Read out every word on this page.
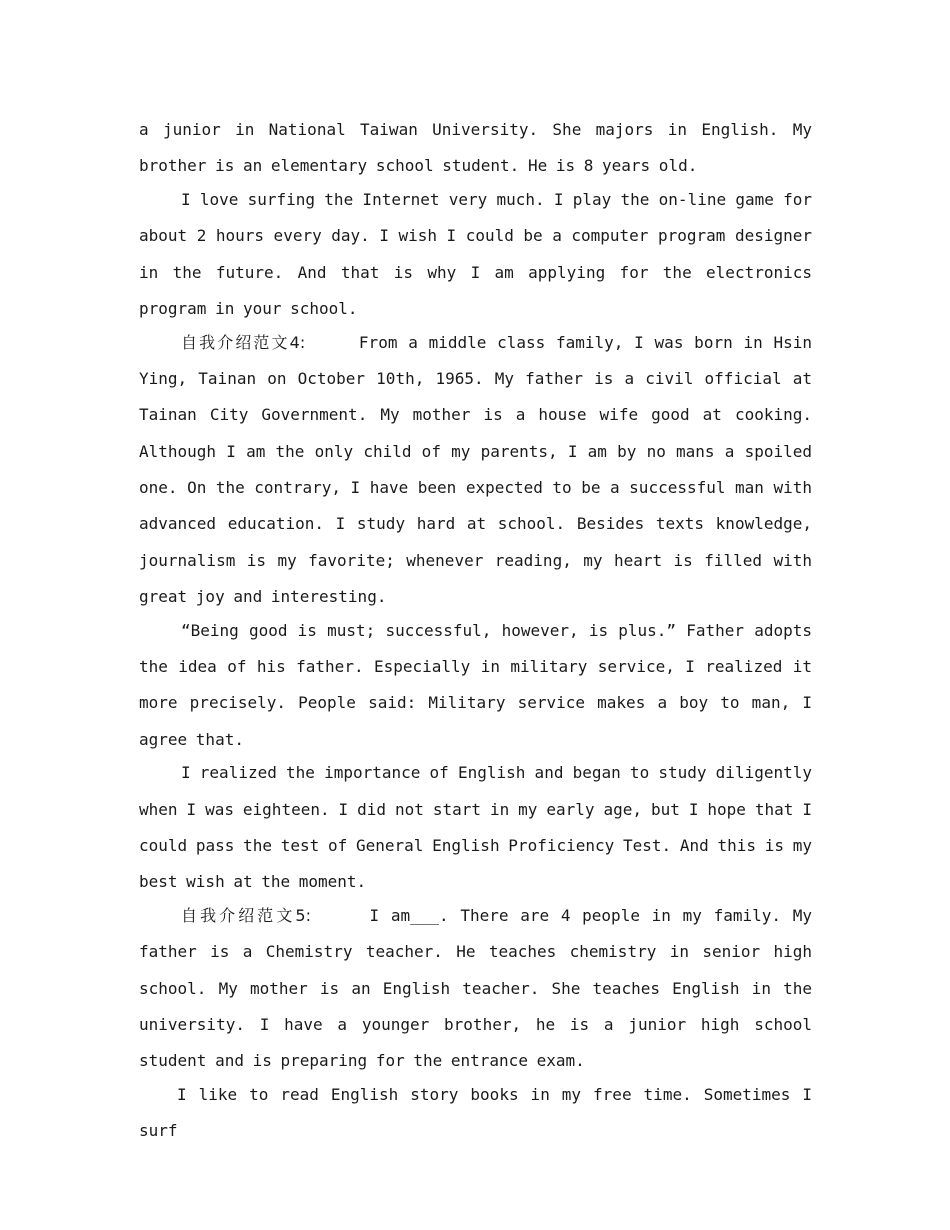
a junior in National Taiwan University. She majors in English. My brother is an elementary school student. He is 8 years old.

I love surfing the Internet very much. I play the on-line game for about 2 hours every day. I wish I could be a computer program designer in the future. And that is why I am applying for the electronics program in your school.

自我介绍范文4:	From a middle class family, I was born in Hsin Ying, Tainan on October 10th, 1965. My father is a civil official at Tainan City Government. My mother is a house wife good at cooking. Although I am the only child of my parents, I am by no mans a spoiled one. On the contrary, I have been expected to be a successful man with advanced education. I study hard at school. Besides texts knowledge, journalism is my favorite; whenever reading, my heart is filled with great joy and interesting.

“Being good is must; successful, however, is plus.” Father adopts the idea of his father. Especially in military service, I realized it more precisely. People said: Military service makes a boy to man, I agree that.

I realized the importance of English and began to study diligently when I was eighteen. I did not start in my early age, but I hope that I could pass the test of General English Proficiency Test. And this is my best wish at the moment.

自我介绍范文5:	I am___. There are 4 people in my family. My father is a Chemistry teacher. He teaches chemistry in senior high school. My mother is an English teacher. She teaches English in the university. I have a younger brother, he is a junior high school student and is preparing for the entrance exam.

I like to read English story books in my free time. Sometimes I surf
